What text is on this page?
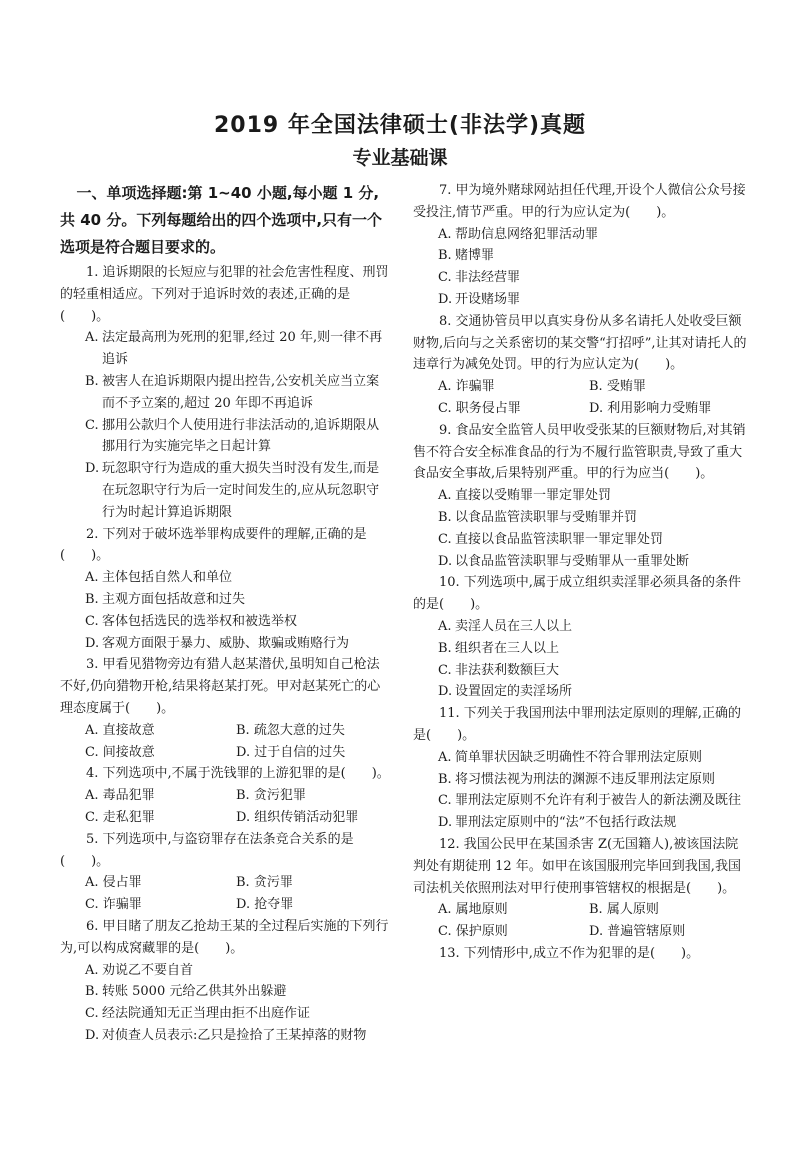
2019 年全国法律硕士(非法学)真题
专业基础课
一、单项选择题:第 1~40 小题,每小题 1 分,共 40 分。下列每题给出的四个选项中,只有一个选项是符合题目要求的。

1. 追诉期限的长短应与犯罪的社会危害性程度、刑罚的轻重相适应。下列对于追诉时效的表述,正确的是(　　)。

A. 法定最高刑为死刑的犯罪,经过 20 年,则一律不再追诉

B. 被害人在追诉期限内提出控告,公安机关应当立案而不予立案的,超过 20 年即不再追诉

C. 挪用公款归个人使用进行非法活动的,追诉期限从挪用行为实施完毕之日起计算

D. 玩忽职守行为造成的重大损失当时没有发生,而是在玩忽职守行为后一定时间发生的,应从玩忽职守行为时起计算追诉期限

2. 下列对于破坏选举罪构成要件的理解,正确的是(　　)。

A. 主体包括自然人和单位

B. 主观方面包括故意和过失

C. 客体包括选民的选举权和被选举权

D. 客观方面限于暴力、威胁、欺骗或贿赂行为

3. 甲看见猎物旁边有猎人赵某潜伏,虽明知自己枪法不好,仍向猎物开枪,结果将赵某打死。甲对赵某死亡的心理态度属于(　　)。

A. 直接故意	B. 疏忽大意的过失
C. 间接故意	D. 过于自信的过失

4. 下列选项中,不属于洗钱罪的上游犯罪的是(　　)。

A. 毒品犯罪	B. 贪污犯罪
C. 走私犯罪	D. 组织传销活动犯罪

5. 下列选项中,与盗窃罪存在法条竞合关系的是(　　)。

A. 侵占罪	B. 贪污罪
C. 诈骗罪	D. 抢夺罪

6. 甲目睹了朋友乙抢劫王某的全过程后实施的下列行为,可以构成窝藏罪的是(　　)。

A. 劝说乙不要自首

B. 转账 5000 元给乙供其外出躲避

C. 经法院通知无正当理由拒不出庭作证

D. 对侦查人员表示:乙只是捡拾了王某掉落的财物

7. 甲为境外赌球网站担任代理,开设个人微信公众号接受投注,情节严重。甲的行为应认定为(　　)。

A. 帮助信息网络犯罪活动罪

B. 赌博罪

C. 非法经营罪

D. 开设赌场罪

8. 交通协管员甲以真实身份从多名请托人处收受巨额财物,后向与之关系密切的某交警“打招呼”,让其对请托人的违章行为减免处罚。甲的行为应认定为(　　)。

A. 诈骗罪	B. 受贿罪
C. 职务侵占罪	D. 利用影响力受贿罪

9. 食品安全监管人员甲收受张某的巨额财物后,对其销售不符合安全标准食品的行为不履行监管职责,导致了重大食品安全事故,后果特别严重。甲的行为应当(　　)。

A. 直接以受贿罪一罪定罪处罚

B. 以食品监管渎职罪与受贿罪并罚

C. 直接以食品监管渎职罪一罪定罪处罚

D. 以食品监管渎职罪与受贿罪从一重罪处断

10. 下列选项中,属于成立组织卖淫罪必须具备的条件的是(　　)。

A. 卖淫人员在三人以上

B. 组织者在三人以上

C. 非法获利数额巨大

D. 设置固定的卖淫场所

11. 下列关于我国刑法中罪刑法定原则的理解,正确的是(　　)。

A. 简单罪状因缺乏明确性不符合罪刑法定原则

B. 将习惯法视为刑法的渊源不违反罪刑法定原则

C. 罪刑法定原则不允许有利于被告人的新法溯及既往

D. 罪刑法定原则中的“法”不包括行政法规

12. 我国公民甲在某国杀害 Z(无国籍人),被该国法院判处有期徒刑 12 年。如甲在该国服刑完毕回到我国,我国司法机关依照刑法对甲行使刑事管辖权的根据是(　　)。

A. 属地原则	B. 属人原则
C. 保护原则	D. 普遍管辖原则

13. 下列情形中,成立不作为犯罪的是(　　)。
